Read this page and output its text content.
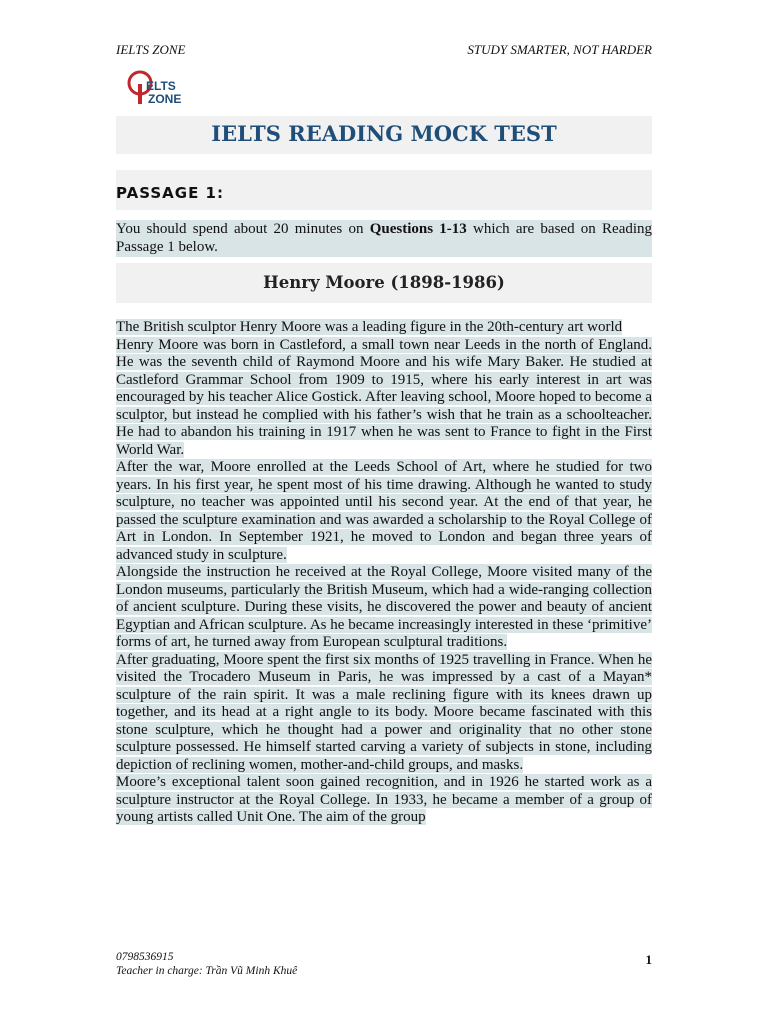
IELTS ZONE	STUDY SMARTER, NOT HARDER
ELTS
ZONE
IELTS READING MOCK TEST
PASSAGE 1:
You should spend about 20 minutes on Questions 1-13 which are based on Reading Passage 1 below.
Henry Moore (1898-1986)

The British sculptor Henry Moore was a leading figure in the 20th-century art world

Henry Moore was born in Castleford, a small town near Leeds in the north of England. He was the seventh child of Raymond Moore and his wife Mary Baker. He studied at Castleford Grammar School from 1909 to 1915, where his early interest in art was encouraged by his teacher Alice Gostick. After leaving school, Moore hoped to become a sculptor, but instead he complied with his father’s wish that he train as a schoolteacher. He had to abandon his training in 1917 when he was sent to France to fight in the First World War.

After the war, Moore enrolled at the Leeds School of Art, where he studied for two years. In his first year, he spent most of his time drawing. Although he wanted to study sculpture, no teacher was appointed until his second year. At the end of that year, he passed the sculpture examination and was awarded a scholarship to the Royal College of Art in London. In September 1921, he moved to London and began three years of advanced study in sculpture.

Alongside the instruction he received at the Royal College, Moore visited many of the London museums, particularly the British Museum, which had a wide-ranging collection of ancient sculpture. During these visits, he discovered the power and beauty of ancient Egyptian and African sculpture. As he became increasingly interested in these ‘primitive’ forms of art, he turned away from European sculptural traditions.

After graduating, Moore spent the first six months of 1925 travelling in France. When he visited the Trocadero Museum in Paris, he was impressed by a cast of a Mayan* sculpture of the rain spirit. It was a male reclining figure with its knees drawn up together, and its head at a right angle to its body. Moore became fascinated with this stone sculpture, which he thought had a power and originality that no other stone sculpture possessed. He himself started carving a variety of subjects in stone, including depiction of reclining women, mother-and-child groups, and masks.

Moore’s exceptional talent soon gained recognition, and in 1926 he started work as a sculpture instructor at the Royal College. In 1933, he became a member of a group of young artists called Unit One. The aim of the group

0798536915
Teacher in charge: Trần Vũ Minh Khuê
1
